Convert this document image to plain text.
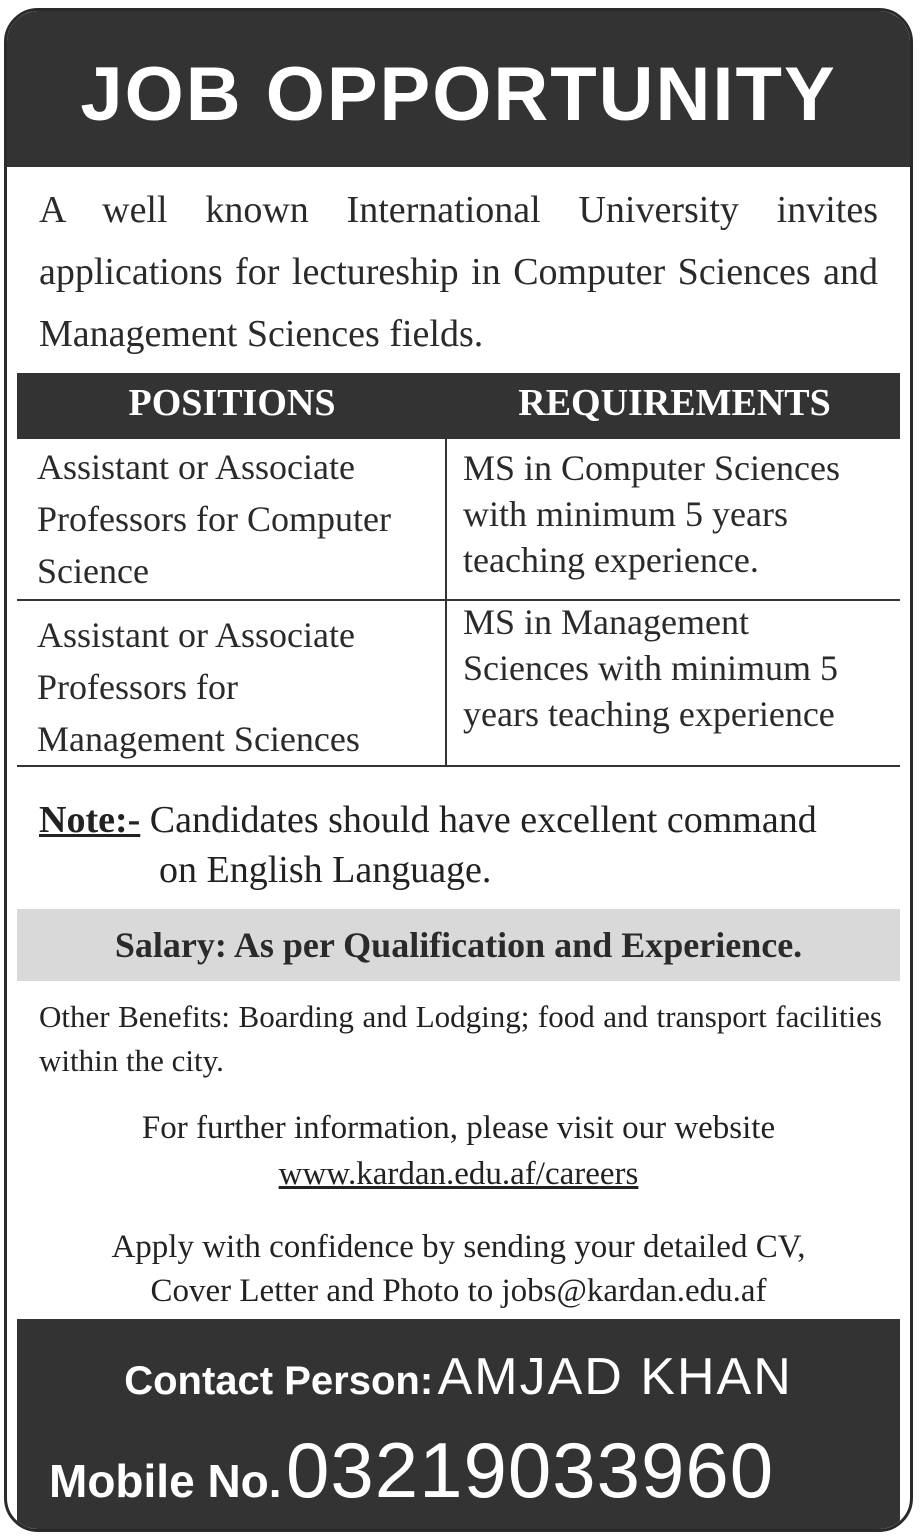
JOB OPPORTUNITY
A well known International University invites applications for lectureship in Computer Sciences and Management Sciences fields.
POSITIONS	REQUIREMENTS
Assistant or Associate
Professors for Computer
Science
MS in Computer Sciences
with minimum 5 years
teaching experience.
Assistant or Associate
Professors for
Management Sciences
MS in Management
Sciences with minimum 5
years teaching experience
Note:- Candidates should have excellent command
on English Language.
Salary: As per Qualification and Experience.
Other Benefits: Boarding and Lodging; food and transport facilities within the city.
For further information, please visit our website
www.kardan.edu.af/careers
Apply with confidence by sending your detailed CV,
Cover Letter and Photo to jobs@kardan.edu.af
Contact Person: AMJAD KHAN
Mobile No. 03219033960
